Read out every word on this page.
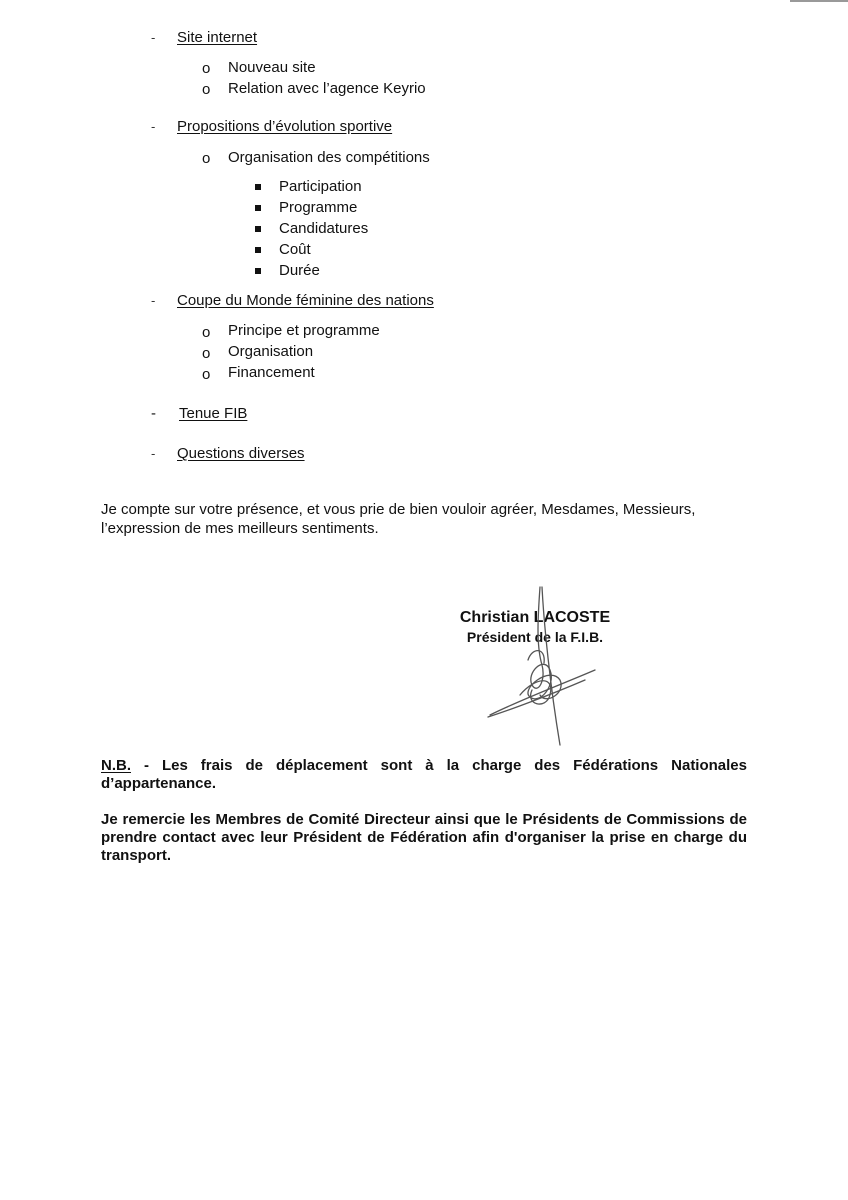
- Site internet
o Nouveau site
o Relation avec l’agence Keyrio
- Propositions d’évolution sportive
o Organisation des compétitions
Participation
Programme
Candidatures
Coût
Durée
- Coupe du Monde féminine des nations
o Principe et programme
o Organisation
o Financement
- Tenue FIB
- Questions diverses
Je compte sur votre présence, et vous prie de bien vouloir agréer, Mesdames, Messieurs,
l’expression de mes meilleurs sentiments.
Christian LACOSTE
Président de la F.I.B.
N.B. - Les frais de déplacement sont à la charge des Fédérations Nationales d’appartenance.
Je remercie les Membres de Comité Directeur ainsi que le Présidents de Commissions de prendre contact avec leur Président de Fédération afin d'organiser la prise en charge du transport.
